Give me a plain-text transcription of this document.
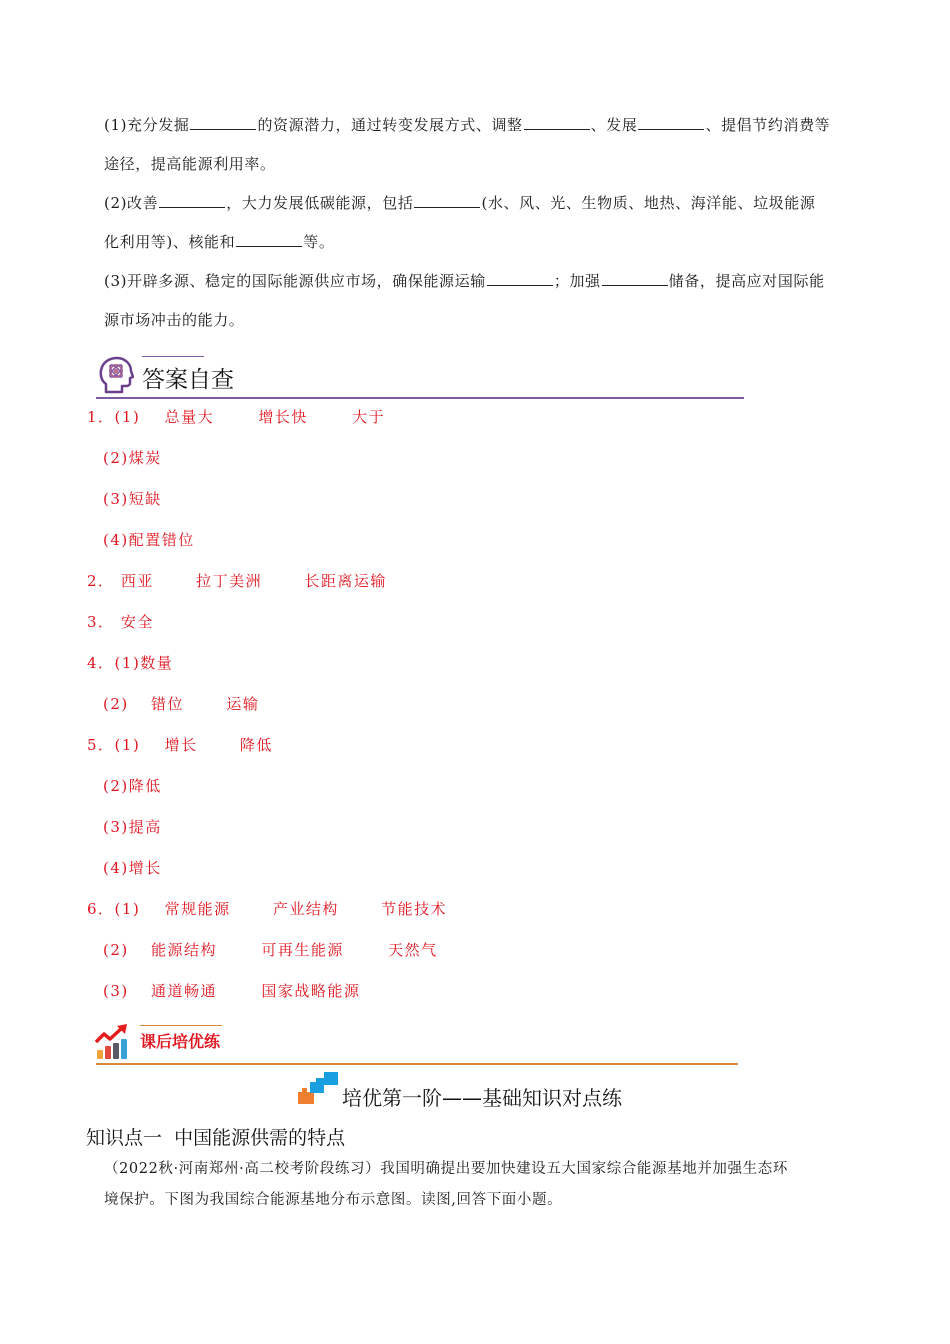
(1)充分发掘	的资源潜力，通过转变发展方式、调整	、发展	、提倡节约消费等
途径，提高能源利用率。
(2)改善	，大力发展低碳能源，包括	(水、风、光、生物质、地热、海洋能、垃圾能源
化利用等)、核能和	等。
(3)开辟多源、稳定的国际能源供应市场，确保能源运输	；加强	储备，提高应对国际能
源市场冲击的能力。
答案自查
1．(1) 总量大	增长快	大于
(2)煤炭
(3)短缺
(4)配置错位
2． 西亚	拉丁美洲	长距离运输
3． 安全
4．(1)数量
(2) 错位	运输
5．(1) 增长	降低
(2)降低
(3)提高
(4)增长
6．(1) 常规能源	产业结构	节能技术
(2) 能源结构	可再生能源	天然气
(3) 通道畅通	国家战略能源
课后培优练
培优第一阶——基础知识对点练
知识点一  中国能源供需的特点
（2022秋·河南郑州·高二校考阶段练习）我国明确提出要加快建设五大国家综合能源基地并加强生态环
境保护。下图为我国综合能源基地分布示意图。读图,回答下面小题。
